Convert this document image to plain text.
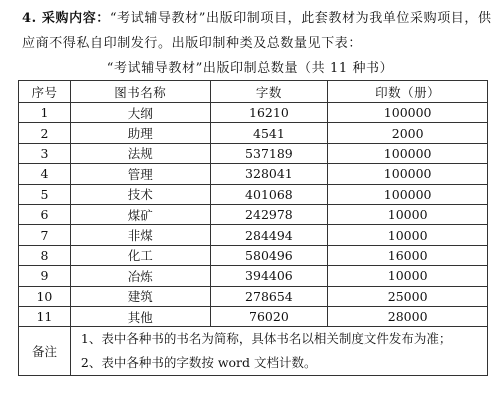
4. 采购内容：“考试辅导教材”出版印制项目，此套教材为我单位采购项目，供应商不得私自印制发行。出版印制种类及总数量见下表：
“考试辅导教材”出版印制总数量（共 11 种书）
序号	图书名称	字数	印数（册）
1	大纲	16210	100000
2	助理	4541	2000
3	法规	537189	100000
4	管理	328041	100000
5	技术	401068	100000
6	煤矿	242978	10000
7	非煤	284494	10000
8	化工	580496	16000
9	冶炼	394406	10000
10	建筑	278654	25000
11	其他	76020	28000
备注	1、表中各种书的书名为简称，具体书名以相关制度文件发布为准；
2、表中各种书的字数按 word 文档计数。		
